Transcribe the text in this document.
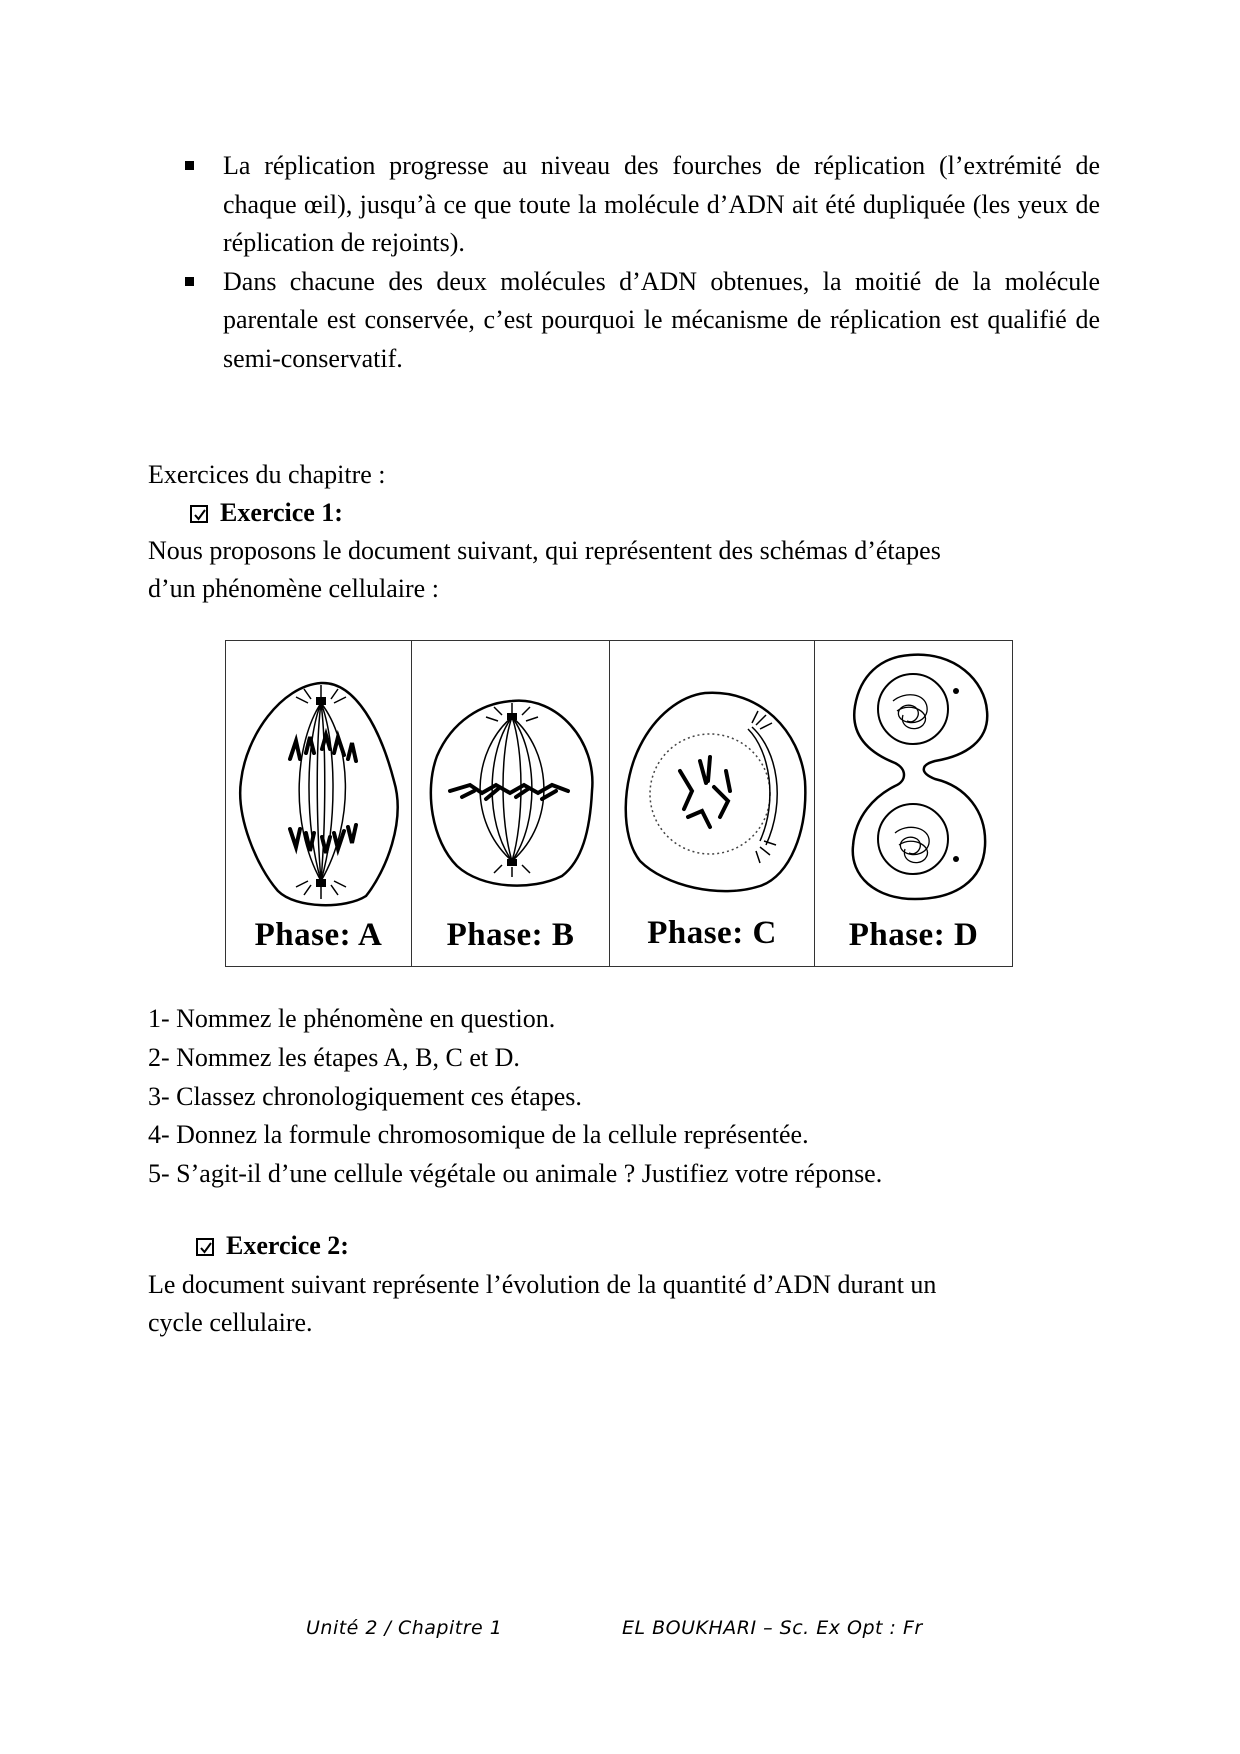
La réplication progresse au niveau des fourches de réplication (l’extrémité de chaque œil), jusqu’à ce que toute la molécule d’ADN ait été dupliquée (les yeux de réplication de rejoints).
Dans chacune des deux molécules d’ADN obtenues, la moitié de la molécule parentale est conservée, c’est pourquoi le mécanisme de réplication est qualifié de semi-conservatif.
Exercices du chapitre :
Exercice 1:
Nous proposons le document suivant, qui représentent des schémas d’étapes
d’un phénomène cellulaire :
Phase: A	Phase: B	Phase: C	Phase: D
1- Nommez le phénomène en question.
2- Nommez les étapes A, B, C et D.
3- Classez chronologiquement ces étapes.
4- Donnez la formule chromosomique de la cellule représentée.
5- S’agit-il d’une cellule végétale ou animale ? Justifiez votre réponse.
Exercice 2:
Le document suivant représente l’évolution de la quantité d’ADN durant un
cycle cellulaire.
Unité 2 / Chapitre 1	EL BOUKHARI – Sc. Ex Opt : Fr
